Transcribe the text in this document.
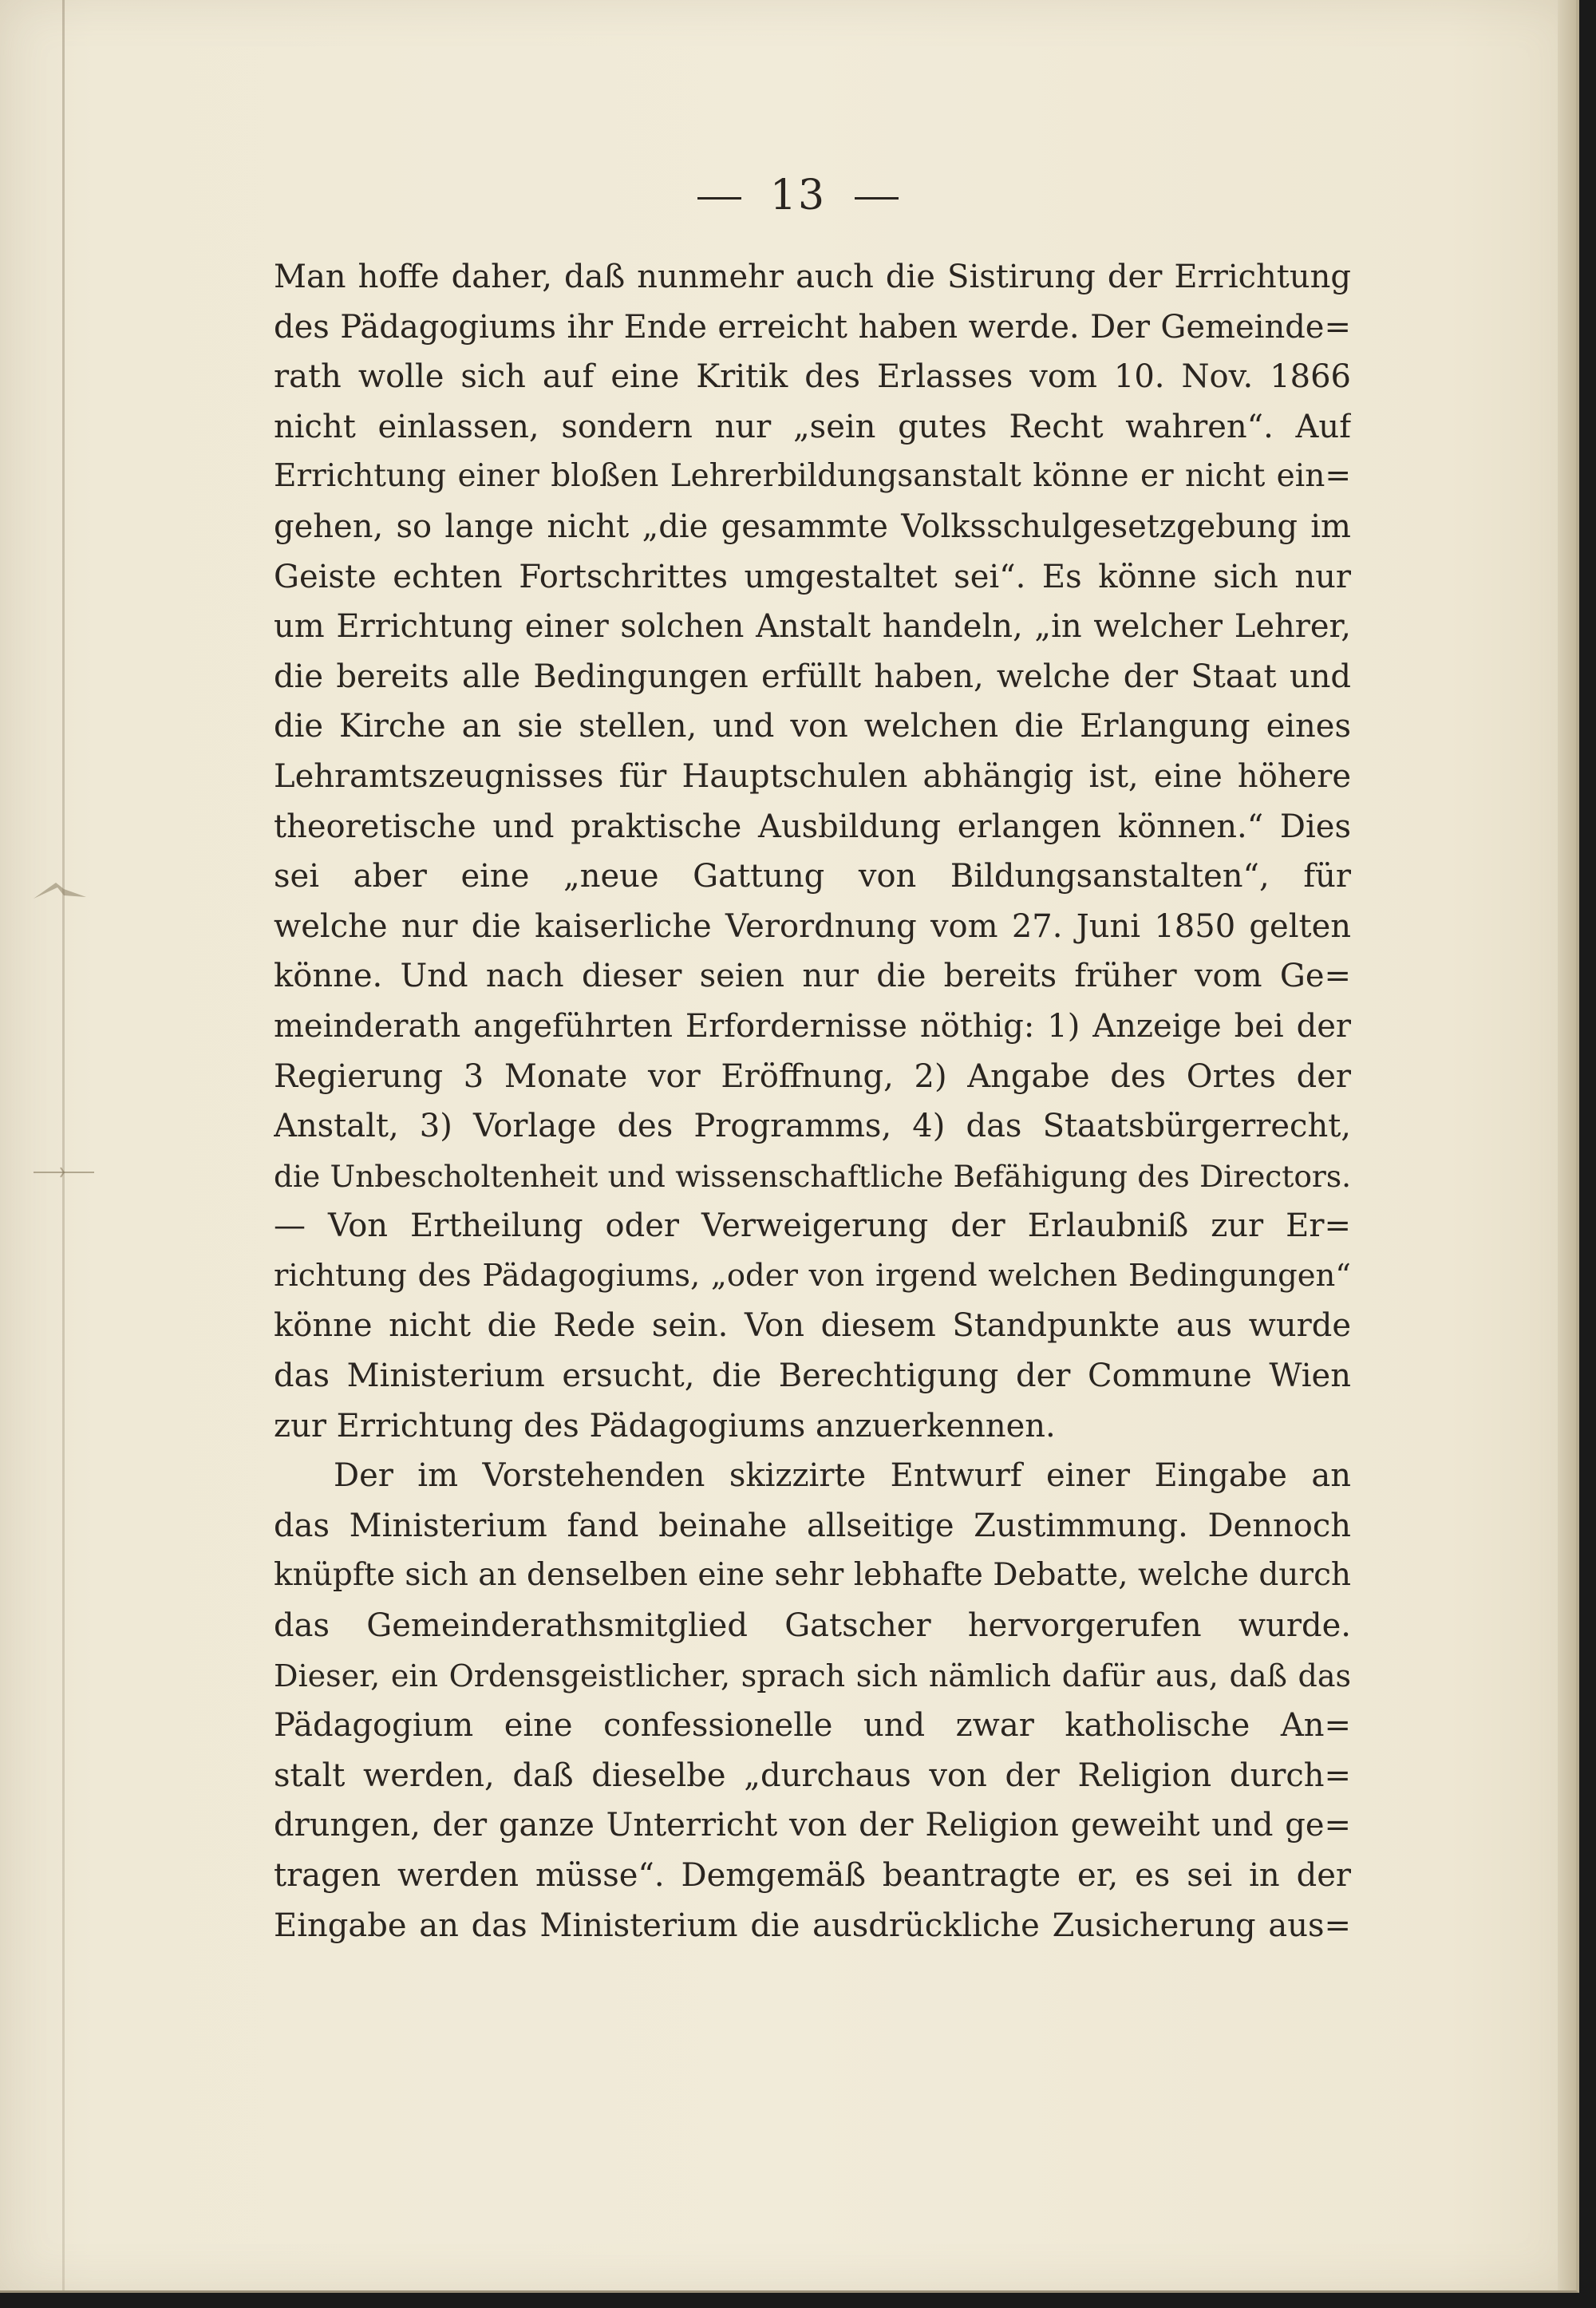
13
Man hoffe daher, daß nunmehr auch die Sistirung der Errichtung
des Pädagogiums ihr Ende erreicht haben werde. Der Gemeinde=
rath wolle sich auf eine Kritik des Erlasses vom 10. Nov. 1866
nicht einlassen, sondern nur „sein gutes Recht wahren“. Auf
Errichtung einer bloßen Lehrerbildungsanstalt könne er nicht ein=
gehen, so lange nicht „die gesammte Volksschulgesetzgebung im
Geiste echten Fortschrittes umgestaltet sei“. Es könne sich nur
um Errichtung einer solchen Anstalt handeln, „in welcher Lehrer,
die bereits alle Bedingungen erfüllt haben, welche der Staat und
die Kirche an sie stellen, und von welchen die Erlangung eines
Lehramtszeugnisses für Hauptschulen abhängig ist, eine höhere
theoretische und praktische Ausbildung erlangen können.“ Dies
sei aber eine „neue Gattung von Bildungsanstalten“, für
welche nur die kaiserliche Verordnung vom 27. Juni 1850 gelten
könne. Und nach dieser seien nur die bereits früher vom Ge=
meinderath angeführten Erfordernisse nöthig: 1) Anzeige bei der
Regierung 3 Monate vor Eröffnung, 2) Angabe des Ortes der
Anstalt, 3) Vorlage des Programms, 4) das Staatsbürgerrecht,
die Unbescholtenheit und wissenschaftliche Befähigung des Directors.
— Von Ertheilung oder Verweigerung der Erlaubniß zur Er=
richtung des Pädagogiums, „oder von irgend welchen Bedingungen“
könne nicht die Rede sein. Von diesem Standpunkte aus wurde
das Ministerium ersucht, die Berechtigung der Commune Wien
zur Errichtung des Pädagogiums anzuerkennen.
Der im Vorstehenden skizzirte Entwurf einer Eingabe an
das Ministerium fand beinahe allseitige Zustimmung. Dennoch
knüpfte sich an denselben eine sehr lebhafte Debatte, welche durch
das Gemeinderathsmitglied Gatscher hervorgerufen wurde.
Dieser, ein Ordensgeistlicher, sprach sich nämlich dafür aus, daß das
Pädagogium eine confessionelle und zwar katholische An=
stalt werden, daß dieselbe „durchaus von der Religion durch=
drungen, der ganze Unterricht von der Religion geweiht und ge=
tragen werden müsse“. Demgemäß beantragte er, es sei in der
Eingabe an das Ministerium die ausdrückliche Zusicherung aus=
